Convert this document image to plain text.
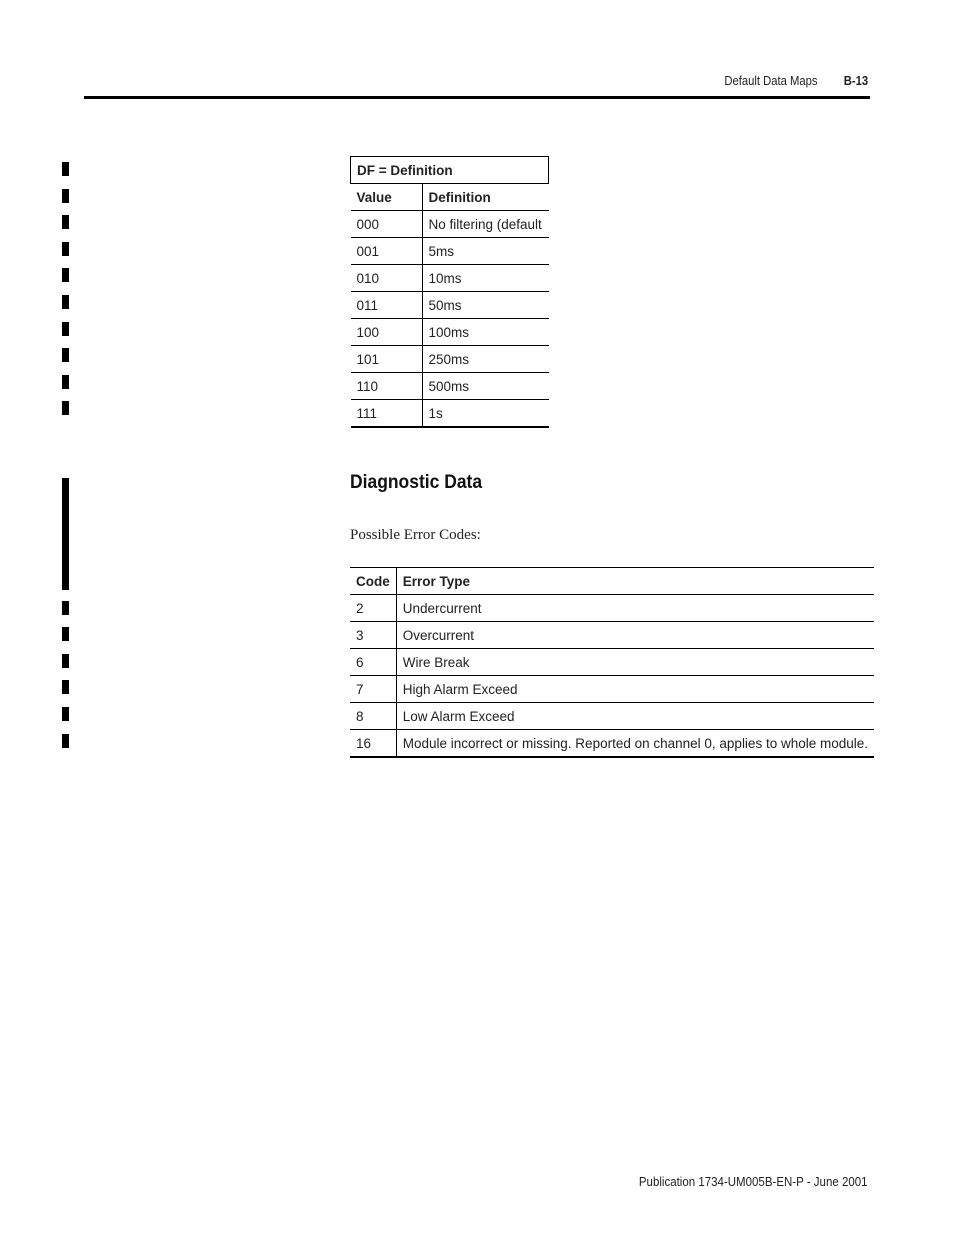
Default Data Maps B-13
DF = Definition	
Value	Definition
000	No filtering (default
001	5ms
010	10ms
011	50ms
100	100ms
101	250ms
110	500ms
111	1s
Diagnostic Data

Possible Error Codes:

Code	Error Type
2	Undercurrent
3	Overcurrent
6	Wire Break
7	High Alarm Exceed
8	Low Alarm Exceed
16	Module incorrect or missing. Reported on channel 0, applies to whole module.
Publication 1734-UM005B-EN-P - June 2001
